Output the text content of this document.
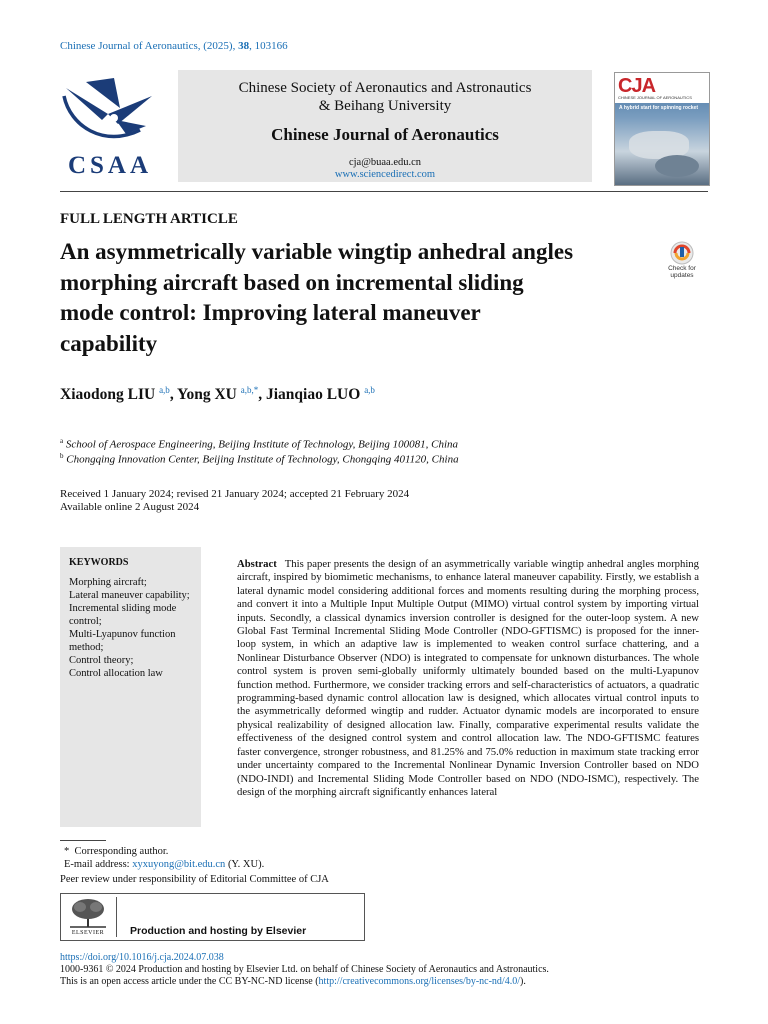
Chinese Journal of Aeronautics, (2025), 38, 103166
Chinese Society of Aeronautics and Astronautics
& Beihang University
Chinese Journal of Aeronautics
cja@buaa.edu.cn
www.sciencedirect.com
CSAA
CJA
CHINESE JOURNAL OF AERONAUTICS
A hybrid start for spinning rocket
FULL LENGTH ARTICLE
An asymmetrically variable wingtip anhedral angles
morphing aircraft based on incremental sliding
mode control: Improving lateral maneuver
capability
Check for
updates
Xiaodong LIU $^{a,b}$, Yong XU $^{a,b,*}$, Jianqiao LUO $^{a,b}$
$^a$ School of Aerospace Engineering, Beijing Institute of Technology, Beijing 100081, China
$^b$ Chongqing Innovation Center, Beijing Institute of Technology, Chongqing 401120, China
Received 1 January 2024; revised 21 January 2024; accepted 21 February 2024
Available online 2 August 2024
KEYWORDS
Morphing aircraft;
Lateral maneuver capability;
Incremental sliding mode
control;
Multi-Lyapunov function
method;
Control theory;
Control allocation law
Abstract This paper presents the design of an asymmetrically variable wingtip anhedral angles morphing aircraft, inspired by biomimetic mechanisms, to enhance lateral maneuver capability. Firstly, we establish a lateral dynamic model considering additional forces and moments resulting during the morphing process, and convert it into a Multiple Input Multiple Output (MIMO) virtual control system by importing virtual inputs. Secondly, a classical dynamics inversion controller is designed for the outer-loop system. A new Global Fast Terminal Incremental Sliding Mode Controller (NDO-GFTISMC) is proposed for the inner-loop system, in which an adaptive law is implemented to weaken control surface chattering, and a Nonlinear Disturbance Observer (NDO) is integrated to compensate for unknown disturbances. The whole control system is proven semi-globally uniformly ultimately bounded based on the multi-Lyapunov function method. Furthermore, we consider tracking errors and self-characteristics of actuators, a quadratic programming-based dynamic control allocation law is designed, which allocates virtual control inputs to the asymmetrically deformed wingtip and rudder. Actuator dynamic models are incorporated to ensure physical realizability of designed allocation law. Finally, comparative experimental results validate the effectiveness of the designed control system and control allocation law. The NDO-GFTISMC features faster convergence, stronger robustness, and 81.25% and 75.0% reduction in maximum state tracking error under uncertainty compared to the Incremental Nonlinear Dynamic Inversion Controller based on NDO (NDO-INDI) and Incremental Sliding Mode Controller based on NDO (NDO-ISMC), respectively. The design of the morphing aircraft significantly enhances lateral
* Corresponding author.
E-mail address: xyxuyong@bit.edu.cn (Y. XU).
Peer review under responsibility of Editorial Committee of CJA
ELSEVIER	Production and hosting by Elsevier
https://doi.org/10.1016/j.cja.2024.07.038
1000-9361 © 2024 Production and hosting by Elsevier Ltd. on behalf of Chinese Society of Aeronautics and Astronautics.
This is an open access article under the CC BY-NC-ND license (http://creativecommons.org/licenses/by-nc-nd/4.0/).
